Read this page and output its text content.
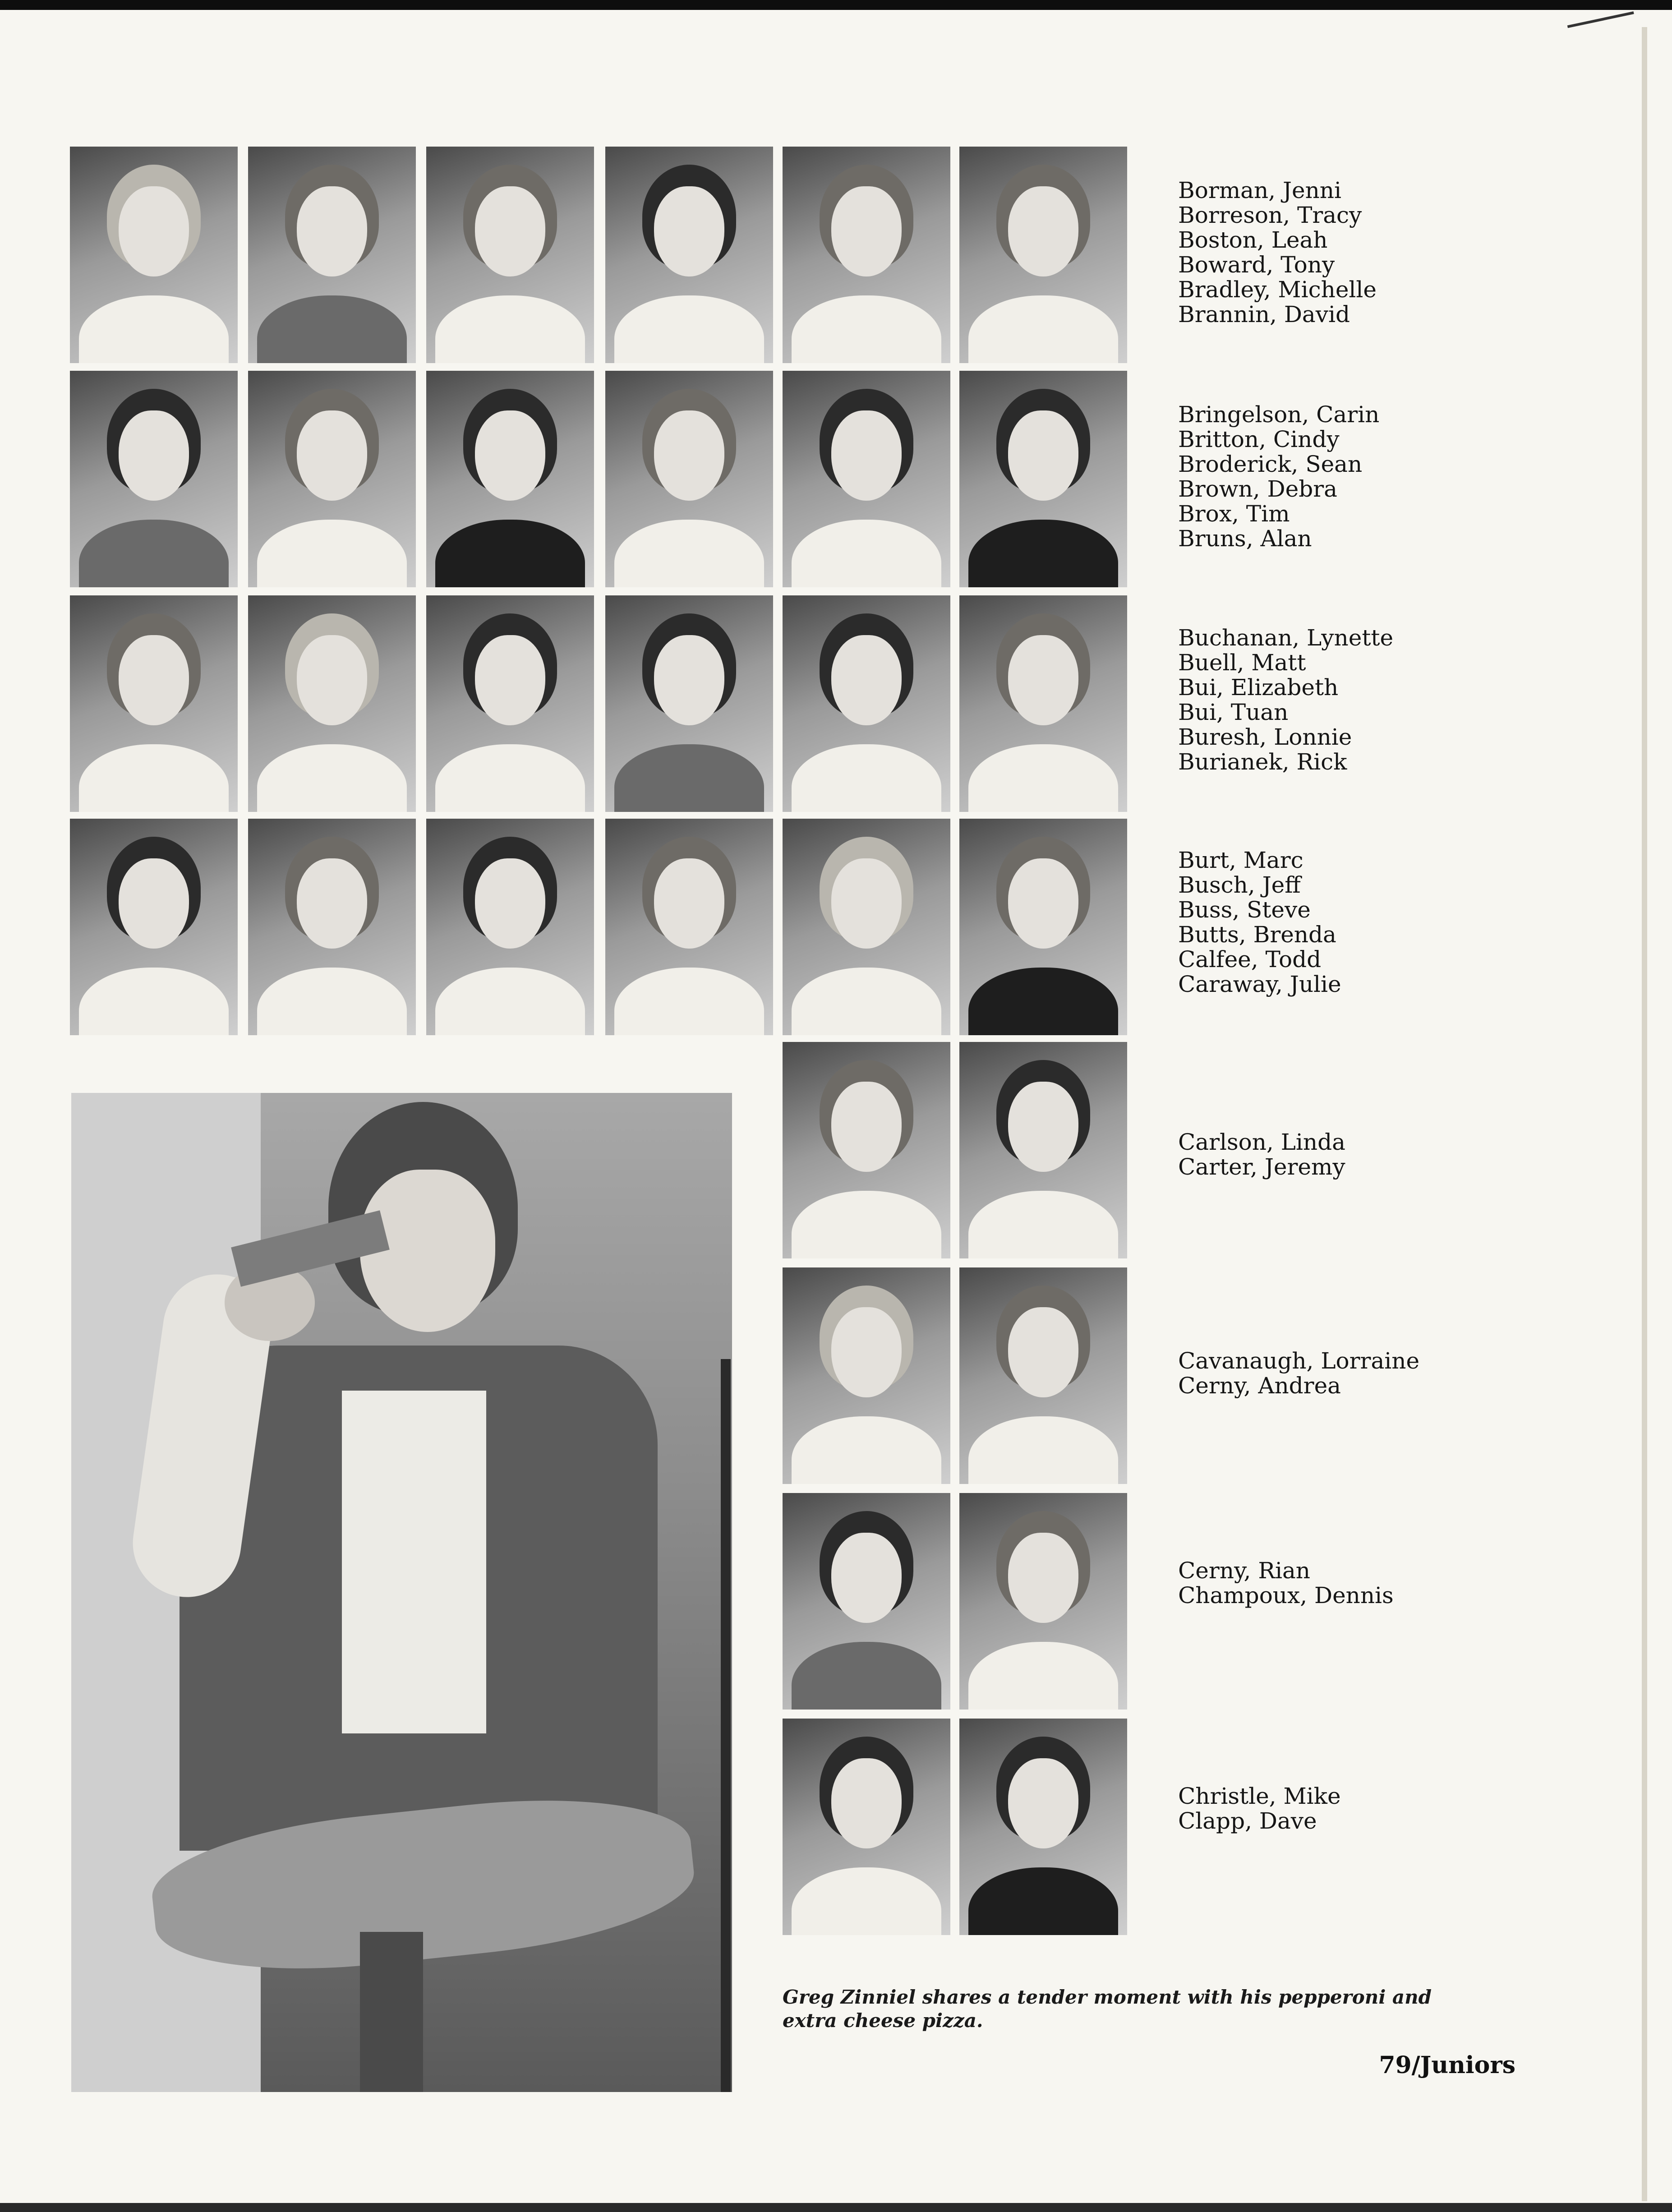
Borman, Jenni
Borreson, Tracy
Boston, Leah
Boward, Tony
Bradley, Michelle
Brannin, David
Bringelson, Carin
Britton, Cindy
Broderick, Sean
Brown, Debra
Brox, Tim
Bruns, Alan
Buchanan, Lynette
Buell, Matt
Bui, Elizabeth
Bui, Tuan
Buresh, Lonnie
Burianek, Rick
Burt, Marc
Busch, Jeff
Buss, Steve
Butts, Brenda
Calfee, Todd
Caraway, Julie
Carlson, Linda
Carter, Jeremy
Cavanaugh, Lorraine
Cerny, Andrea
Cerny, Rian
Champoux, Dennis
Christle, Mike
Clapp, Dave
Greg Zinniel shares a tender moment with his pepperoni and extra cheese pizza.
79/Juniors
